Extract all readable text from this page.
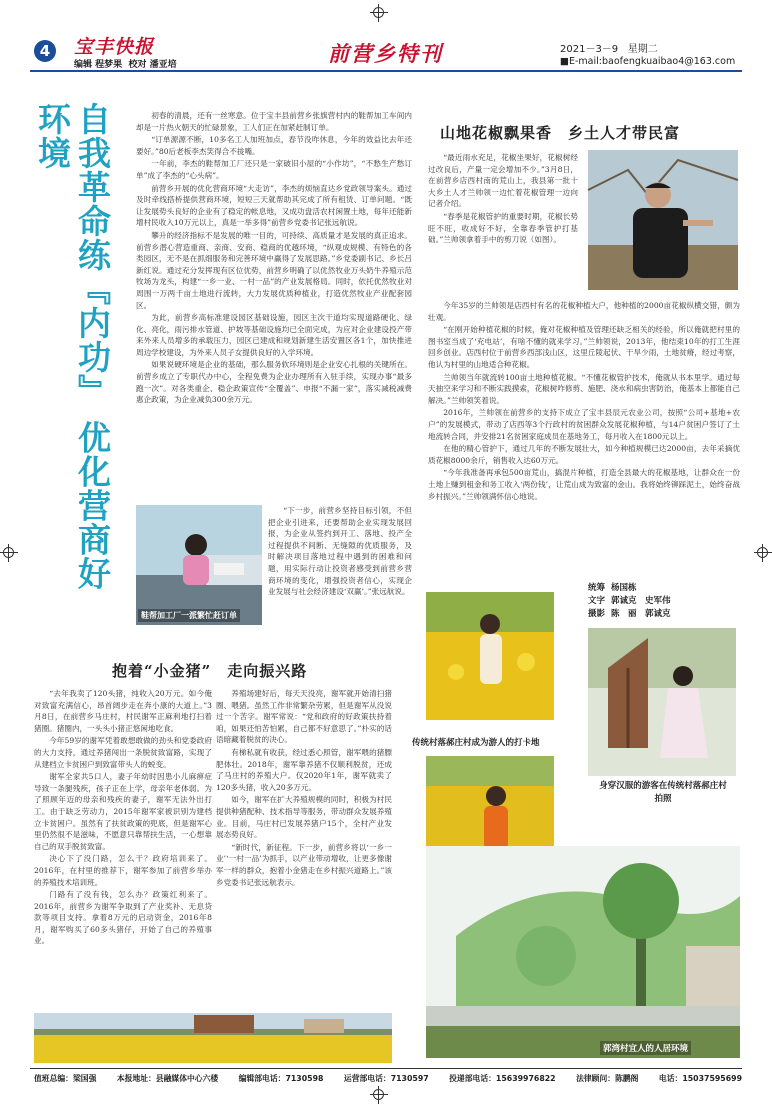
4	宝丰快报
编辑 程梦果 校对 潘亚培	前营乡特刊	2021－3－9 星期二
■E-mail:baofengkuaibao4@163.com
自我革命练『内功』 优化营商好环境	初春的清晨，还有一丝寒意。位于宝丰县前营乡张旗营村内的鞋帮加工车间内却是一片热火朝天的忙碌景象，工人们正在加紧赶制订单。

“订单源源不断，10多名工人加班加点，春节没咋休息，今年的效益比去年还要好。”80后老板李杰笑得合不拢嘴。

一年前，李杰的鞋帮加工厂还只是一家破旧小屋的“小作坊”，“不愁生产愁订单”成了李杰的“心头病”。

前营乡开展的优化营商环境“大走访”，李杰的烦恼直达乡党政领导案头。通过及时牵线搭桥提供营商环境，短短三天就帮助其完成了所有租赁、订单问题。“既让发展势头良好的企业有了稳定的帐息地，又成功盘活农村闲置土地，每年还能新增村民收入10万元以上，真是一举多得”前营乡党委书记张远航说。

攀升的经济指标不是发展的唯一目的，可持续、高质量才是发展的真正追求。前营乡潜心营造重商、亲商、安商、稳商的优越环境，“纵观成规模、有特色的各类园区，无不是在抓细服务和完善环境中赢得了发展思路。”乡党委副书记、乡长吕新红说。通过充分发挥现有区位优势，前营乡明确了以优然牧业万头奶牛养殖示范牧场为龙头，构建“一乡一业、一村一品”的产业发展格局。同时，依托优然牧业对周围一万两千亩土地进行流转，大力发展优质种植业，打造优然牧业产业配套园区。

为此，前营乡高标准建设园区基础设施，园区主次干道均实现道路硬化、绿化、亮化，雨污排水管道、护坡等基础设施均已全面完成，为应对企业建设投产带来外来人员增多的承载压力，园区已建成和规划新建生活安置区各1个，加快推进周边学校建设，为外来人员子女提供良好的入学环境。

如果说硬环境是企业的基础，那么服务软环境则是企业安心扎根的关键所在。前营乡成立了专职代办中心，全程免费为企业办理所有入驻手续，实现办事“最多跑一次”。对各类重企、稳企政策宣传“全覆盖”、申报“不漏一家”，落实减税减费惠企政策，为企业减负300余万元。

“下一步，前营乡坚持目标引领，不但把企业引进来，还要帮助企业实现发展回报，为企业从签约到开工、落地、投产全过程提供不间断、无缝隙的优质服务，及时解决项目落地过程中遇到的困难和问题，用实际行动让投资者感受到前营乡营商环境的变化，增强投资者信心，实现企业发展与社会经济建设‘双赢’。”张远航说。

鞋帮加工厂一派繁忙赶订单
山地花椒飘果香　乡土人才带民富

“最近雨水充足，花椒坐果好，花椒树经过改良后，产量一定会增加不少。”3月8日，在前营乡店西村南的荒山上，我县第一批十大乡土人才兰帅领一边忙着花椒管理一边向记者介绍。

“春季是花椒管护的重要时期，花椒长势旺不旺，收成好不好，全靠春季管护打基础。”兰帅领拿着手中的剪刀说（如图）。

今年35岁的兰帅领是店西村有名的花椒种植大户，他种植的2000亩花椒纵横交错，颇为壮观。

“在刚开始种植花椒的时候，俺对花椒种植及管理还缺乏相关的经验，所以俺就把村里的图书室当成了‘充电站’，有啥不懂的就来学习。”兰帅领说，2013年，他结束10年的打工生涯回乡创业。店西村位于前营乡西部浅山区，这里丘陵起伏、干旱少雨，土地贫瘠，经过考察，他认为村里的山地适合种花椒。

兰帅领当年就流转100亩土地种植花椒。“不懂花椒管护技术，俺就从书本里学。通过每天抽空来学习和不断实践摸索，花椒树咋修剪、施肥、浇水和病虫害防治，俺基本上都能自己解决。”兰帅领笑着说。

2016年，兰帅领在前营乡的支持下成立了宝丰县辰元农业公司，按照“公司+基地+农户”的发展模式，带动了店西等3个行政村的贫困群众发展花椒种植，与14户贫困户签订了土地流转合同，并安排21名贫困家庭成员在基地务工，每月收入在1800元以上。

在他的精心管护下，通过几年的不断发展壮大，如今种植规模已达2000亩，去年采摘优质花椒8000余斤，销售收入达60万元。

“今年我准备再承包500亩荒山，搞混片种植，打造全县最大的花椒基地，让群众在一份土地上赚到租金和务工收入‘两份钱’，让荒山成为致富的金山。我将始终铆踩泥土，始终奋战乡村振兴。”兰帅领满怀信心地说。

统筹 杨国栋
文字 郭诚克　史军伟
摄影 陈　丽　郭诚克
抱着“小金猪”　走向振兴路

“去年我卖了120头猪，纯收入20万元。如今俺对致富充满信心，昂首阔步走在奔小康的大道上。”3月8日，在前营乡马庄村，村民谢军正麻利地打扫着猪圈。猪圈内，一头头小猪正悠闲地吃食。

今年59岁的谢军凭着敢想敢做的劲头和党委政府的大力支持，通过养猪闯出一条脱贫致富路，实现了从建档立卡贫困户到致富带头人的蜕变。

谢军全家共5口人，妻子年幼时因患小儿麻痹症导致一条腿残疾，孩子正在上学，母亲年老体弱。为了照顾年迈的母亲和残疾的妻子，谢军无法外出打工。由于缺乏劳动力，2015年谢军家被识别为建档立卡贫困户。虽然有了扶贫政策的兜底，但是谢军心里仍然很不是滋味，不愿意只靠帮扶生活，一心想靠自己的双手脱贫致富。

决心下了没门路，怎么干？政府培训来了。2016年，在村里的推荐下，谢军参加了前营乡举办的养殖技术培训班。

门路有了没有钱，怎么办？政策红利来了。2016年，前营乡为谢军争取到了产业奖补、无息贷款等项目支持。拿着8万元的启动资金，2016年8月，谢军购买了60多头猪仔，开始了自己的养殖事业。

养殖场建好后，每天天没亮，谢军就开始清扫猪圈、喂猪。虽然工作非常繁杂劳累，但是谢军从没说过一个苦字。谢军常说：“党和政府的好政策扶持着咱，如果还怕苦怕累，自己都不好意思了。”朴实的话语暗藏着脱贫的决心。

有梯私就有收获，经过悉心照管，谢军喂的猪膘肥体壮。2018年，谢军靠养猪不仅顺利脱贫，还成了马庄村的养殖大户。仅2020年1年，谢军就卖了120多头猪，收入20多万元。

如今，谢军在扩大养殖规模的同时，积极为村民提供种猪配种、技术指导等服务，带动群众发展养殖业。目前，马庄村已发展养猪户15个，全村产业发展态势良好。

“新时代，新征程。下一步，前营乡将以‘一乡一业’‘一村一品’为抓手，以产业带动增收，让更多像谢军一样的群众，抱着小金猪走在乡村振兴道路上。”该乡党委书记张远航表示。

传统村落郝庄村成为游人的打卡地
身穿汉服的游客在传统村落郝庄村拍照
郭湾村宜人的人居环境
值班总编：梁国强	本报地址：县融媒体中心六楼	编辑部电话：7130598	运营部电话：7130597	投递部电话：15639976822	法律顾问：陈鹏阁	电话：15037595699
